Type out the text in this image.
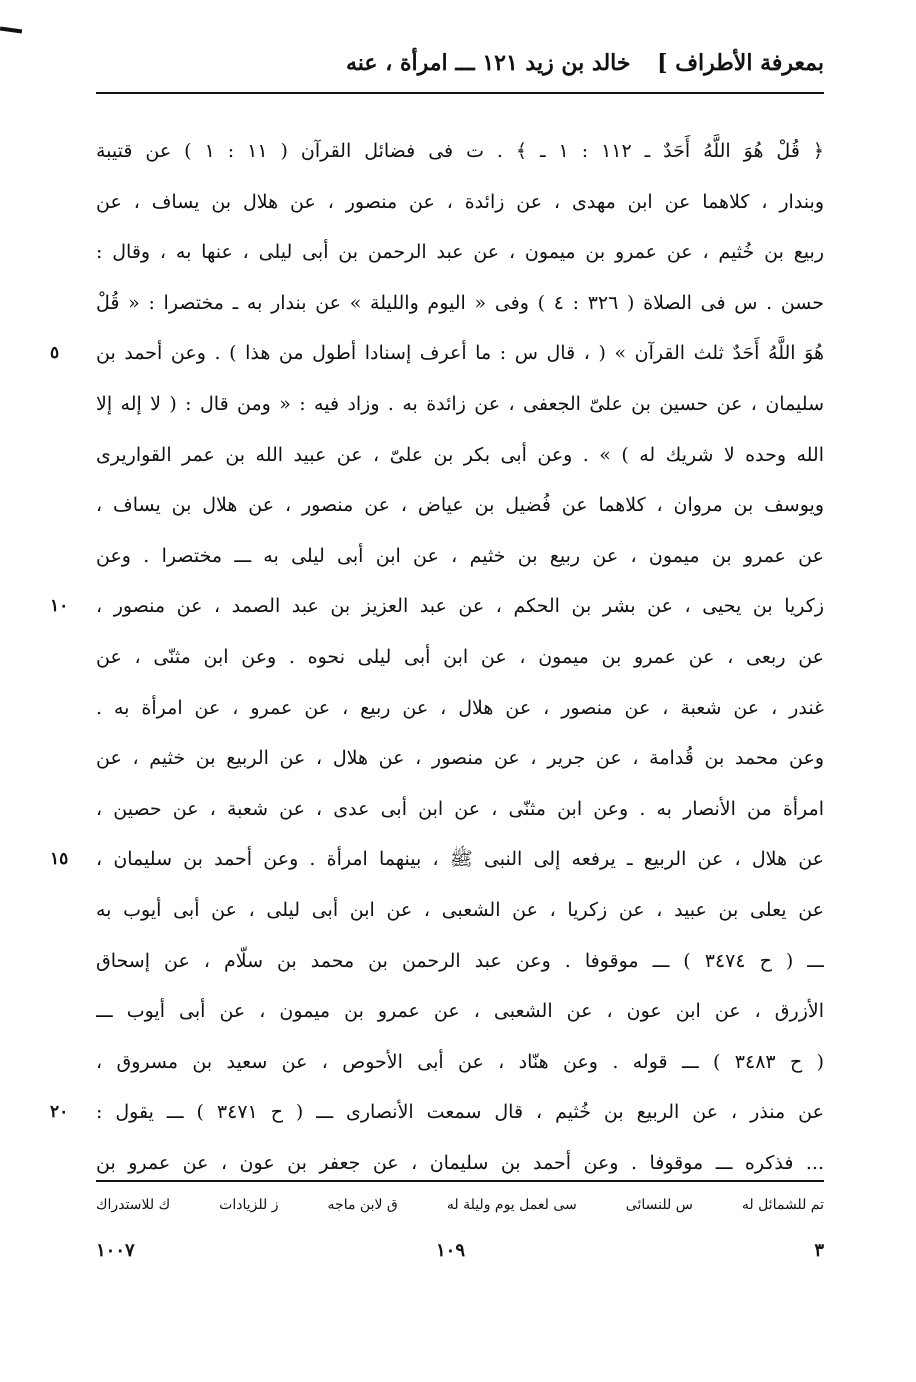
بمعرفة الأطراف ]
خالد بن زيد ١٢١ ـــ امرأة ، عنه
﴿ قُلْ هُوَ اللَّهُ أَحَدٌ ـ ١١٢ : ١ ـ ﴾ . ت فى فضائل القرآن ( ١١ : ١ ) عن قتيبة
وبندار ، كلاهما عن ابن مهدى ، عن زائدة ، عن منصور ، عن هلال بن يساف ، عن
ربيع بن خُثيم ، عن عمرو بن ميمون ، عن عبد الرحمن بن أبى ليلى ، عنها به ، وقال :
حسن . س فى الصلاة ( ٣٢٦ : ٤ ) وفى « اليوم والليلة » عن بندار به ـ مختصرا : « قُلْ
هُوَ اللَّهُ أَحَدٌ ثلث القرآن » ( ، قال س : ما أعرف إسنادا أطول من هذا ) . وعن أحمد بن
سليمان ، عن حسين بن علىّ الجعفى ، عن زائدة به . وزاد فيه : « ومن قال : ( لا إله إلا
الله وحده لا شريك له ) » . وعن أبى بكر بن علىّ ، عن عبيد الله بن عمر القواريرى
ويوسف بن مروان ، كلاهما عن فُضيل بن عياض ، عن منصور ، عن هلال بن يساف ،
عن عمرو بن ميمون ، عن ربيع بن خثيم ، عن ابن أبى ليلى به ـــ مختصرا . وعن
زكريا بن يحيى ، عن بشر بن الحكم ، عن عبد العزيز بن عبد الصمد ، عن منصور ،
عن ربعى ، عن عمرو بن ميمون ، عن ابن أبى ليلى نحوه . وعن ابن مثنّى ، عن
غندر ، عن شعبة ، عن منصور ، عن هلال ، عن ربيع ، عن عمرو ، عن امرأة به .
وعن محمد بن قُدامة ، عن جرير ، عن منصور ، عن هلال ، عن الربيع بن خثيم ، عن
امرأة من الأنصار به . وعن ابن مثنّى ، عن ابن أبى عدى ، عن شعبة ، عن حصين ،
عن هلال ، عن الربيع ـ يرفعه إلى النبى ﷺ ، بينهما امرأة . وعن أحمد بن سليمان ،
عن يعلى بن عبيد ، عن زكريا ، عن الشعبى ، عن ابن أبى ليلى ، عن أبى أيوب به
ـــ ( ح ٣٤٧٤ ) ـــ موقوفا . وعن عبد الرحمن بن محمد بن سلّام ، عن إسحاق
الأزرق ، عن ابن عون ، عن الشعبى ، عن عمرو بن ميمون ، عن أبى أيوب ـــ
( ح ٣٤٨٣ ) ـــ قوله . وعن هنّاد ، عن أبى الأحوص ، عن سعيد بن مسروق ،
عن منذر ، عن الربيع بن خُثيم ، قال سمعت الأنصارى ـــ ( ح ٣٤٧١ ) ـــ يقول :
... فذكره ـــ موقوفا . وعن أحمد بن سليمان ، عن جعفر بن عون ، عن عمرو بن
تم للشمائل له
س للنسائى
سى لعمل يوم وليلة له
ق لابن ماجه
ز للزيادات
ك للاستدراك
٣
١٠٩
١٠٠٧
٥
١٠
١٥
٢٠
